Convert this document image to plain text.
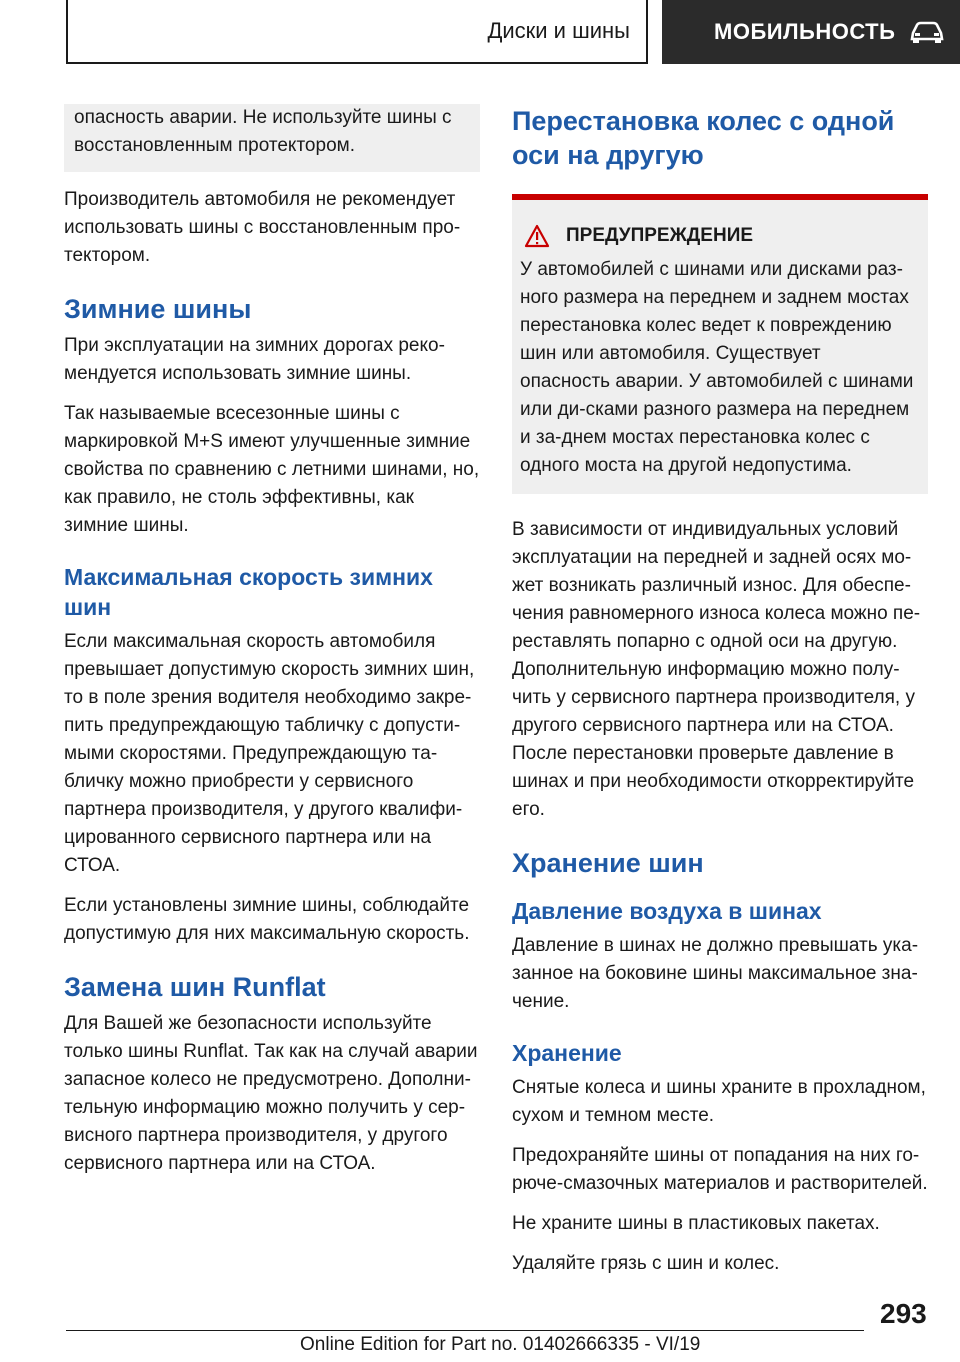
Диски и шины	МОБИЛЬНОСТЬ
опасность аварии. Не используйте шины с восстановленным протектором.

Производитель автомобиля не рекомендует использовать шины с восстановленным про-тектором.

Зимние шины

При эксплуатации на зимних дорогах реко-мендуется использовать зимние шины.

Так называемые всесезонные шины с маркировкой M+S имеют улучшенные зимние свойства по сравнению с летними шинами, но, как правило, не столь эффективны, как зимние шины.

Максимальная скорость зимних шин

Если максимальная скорость автомобиля превышает допустимую скорость зимних шин, то в поле зрения водителя необходимо закре-пить предупреждающую табличку с допусти-мыми скоростями. Предупреждающую та-бличку можно приобрести у сервисного партнера производителя, у другого квалифи-цированного сервисного партнера или на СТОА.

Если установлены зимние шины, соблюдайте допустимую для них максимальную скорость.

Замена шин Runflat

Для Вашей же безопасности используйте только шины Runflat. Так как на случай аварии запасное колесо не предусмотрено. Дополни-тельную информацию можно получить у сер-висного партнера производителя, у другого сервисного партнера или на СТОА.

Перестановка колес с одной оси на другую
ПРЕДУПРЕЖДЕНИЕ

У автомобилей с шинами или дисками раз-ного размера на переднем и заднем мостах перестановка колес ведет к повреждению шин или автомобиля. Существует опасность аварии. У автомобилей с шинами или ди-сками разного размера на переднем и за-днем мостах перестановка колес с одного моста на другой недопустима.

В зависимости от индивидуальных условий эксплуатации на передней и задней осях мо-жет возникать различный износ. Для обеспе-чения равномерного износа колеса можно пе-реставлять попарно с одной оси на другую. Дополнительную информацию можно полу-чить у сервисного партнера производителя, у другого сервисного партнера или на СТОА. После перестановки проверьте давление в шинах и при необходимости откорректируйте его.

Хранение шин
Давление воздуха в шинах

Давление в шинах не должно превышать ука-занное на боковине шины максимальное зна-чение.

Хранение

Снятые колеса и шины храните в прохладном, сухом и темном месте.

Предохраняйте шины от попадания на них го-рюче-смазочных материалов и растворителей.

Не храните шины в пластиковых пакетах.

Удаляйте грязь с шин и колес.

293
Online Edition for Part no. 01402666335 - VI/19
